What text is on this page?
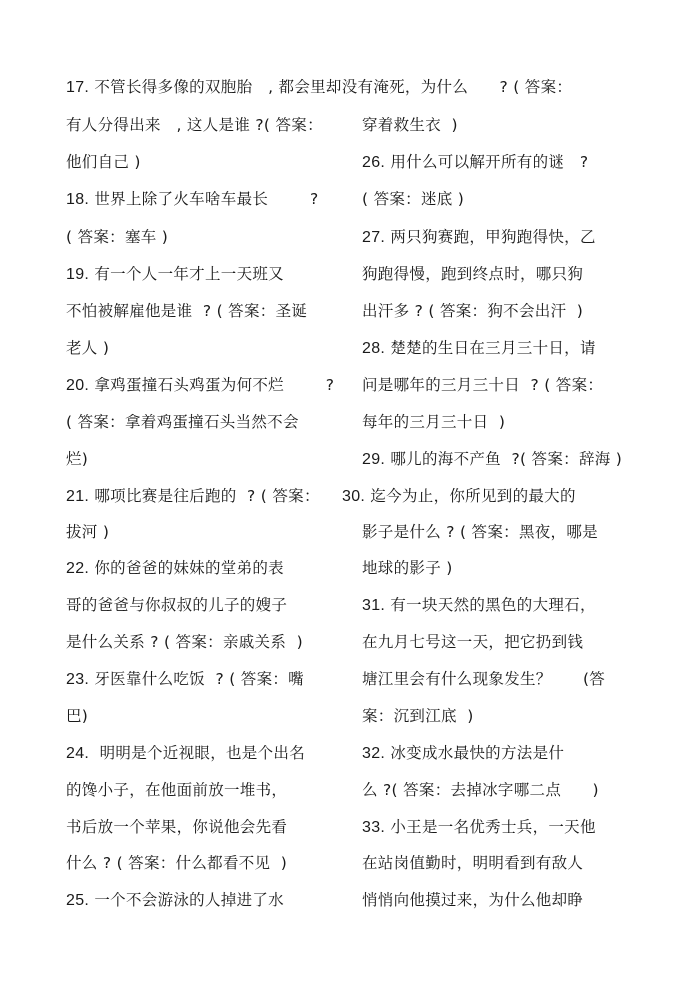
17. 不管长得多像的双胞胎   , 都会里却没有淹死，为什么      ? ( 答案：
有人分得出来   , 这人是谁 ?( 答案：
他们自己 )
18. 世界上除了火车啥车最长        ?
( 答案：塞车 )
19. 有一个人一年才上一天班又
不怕被解雇他是谁  ? ( 答案：圣诞
老人 )
20. 拿鸡蛋撞石头鸡蛋为何不烂        ?
( 答案：拿着鸡蛋撞石头当然不会
烂)
21. 哪项比赛是往后跑的  ? ( 答案：
拔河 )
22. 你的爸爸的妹妹的堂弟的表
哥的爸爸与你叔叔的儿子的嫂子
是什么关系 ? ( 答案：亲戚关系  )
23. 牙医靠什么吃饭  ? ( 答案：嘴
巴)
24.  明明是个近视眼，也是个出名
的馋小子，在他面前放一堆书，
书后放一个苹果，你说他会先看
什么 ? ( 答案：什么都看不见  )
25. 一个不会游泳的人掉进了水
穿着救生衣  )
26. 用什么可以解开所有的谜   ?
( 答案：迷底 )
27. 两只狗赛跑，甲狗跑得快，乙
狗跑得慢，跑到终点时，哪只狗
出汗多 ? ( 答案：狗不会出汗  )
28. 楚楚的生日在三月三十日，请
问是哪年的三月三十日  ? ( 答案：
每年的三月三十日  )
29. 哪儿的海不产鱼  ?( 答案：辞海 )
30. 迄今为止，你所见到的最大的
影子是什么 ? ( 答案：黑夜，哪是
地球的影子 )
31. 有一块天然的黑色的大理石，
在九月七号这一天，把它扔到钱
塘江里会有什么现象发生？      (答
案：沉到江底  )
32. 冰变成水最快的方法是什
么 ?( 答案：去掉冰字哪二点      )
33. 小王是一名优秀士兵，一天他
在站岗值勤时，明明看到有敌人
悄悄向他摸过来，为什么他却睁
